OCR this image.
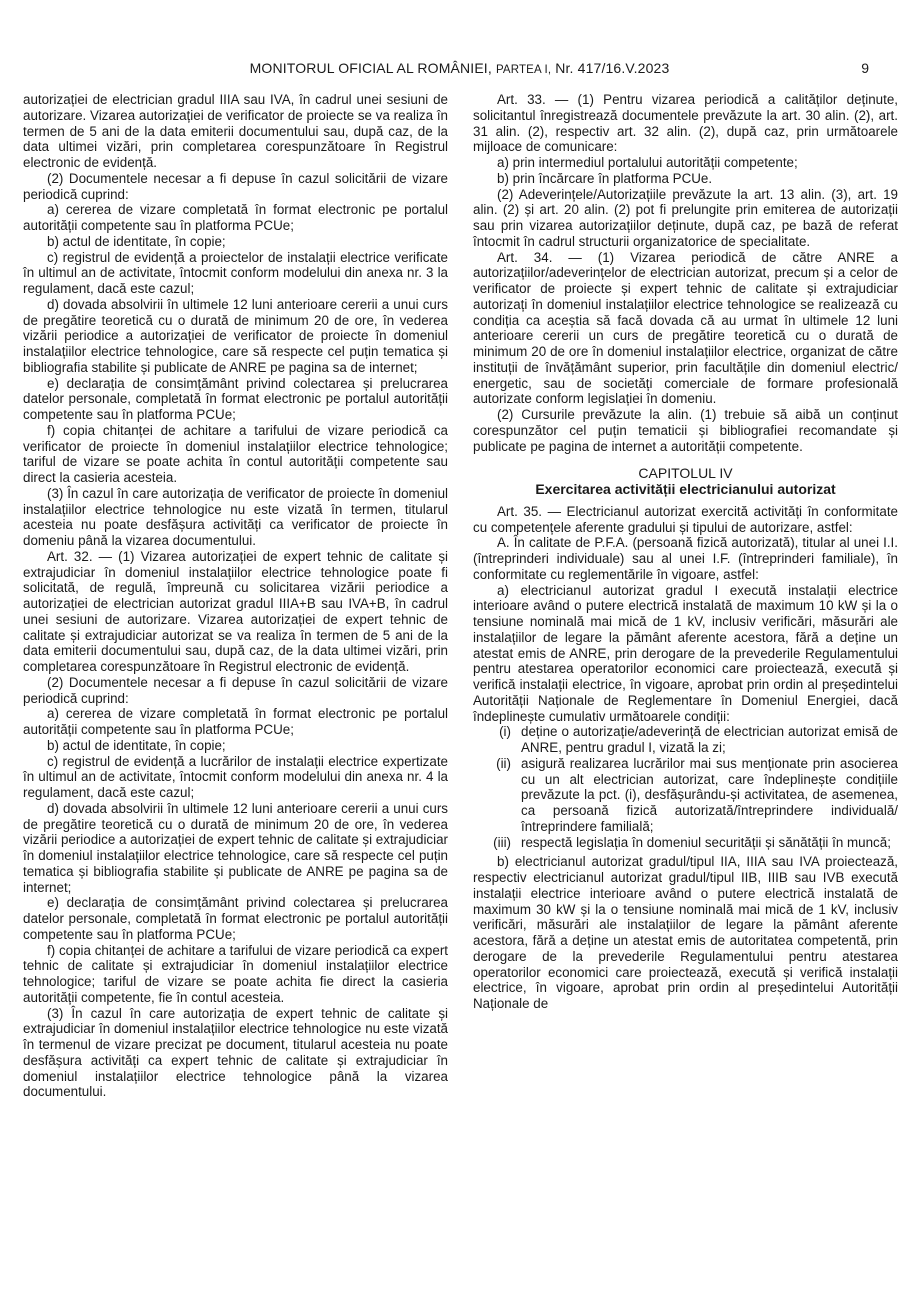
MONITORUL OFICIAL AL ROMÂNIEI, PARTEA I, Nr. 417/16.V.2023	9

autorizației de electrician gradul IIIA sau IVA, în cadrul unei sesiuni de autorizare. Vizarea autorizației de verificator de proiecte se va realiza în termen de 5 ani de la data emiterii documentului sau, după caz, de la data ultimei vizări, prin completarea corespunzătoare în Registrul electronic de evidență.

(2) Documentele necesar a fi depuse în cazul solicitării de vizare periodică cuprind:

a) cererea de vizare completată în format electronic pe portalul autorității competente sau în platforma PCUe;

b) actul de identitate, în copie;

c) registrul de evidență a proiectelor de instalații electrice verificate în ultimul an de activitate, întocmit conform modelului din anexa nr. 3 la regulament, dacă este cazul;

d) dovada absolvirii în ultimele 12 luni anterioare cererii a unui curs de pregătire teoretică cu o durată de minimum 20 de ore, în vederea vizării periodice a autorizației de verificator de proiecte în domeniul instalațiilor electrice tehnologice, care să respecte cel puțin tematica și bibliografia stabilite și publicate de ANRE pe pagina sa de internet;

e) declarația de consimțământ privind colectarea și prelucrarea datelor personale, completată în format electronic pe portalul autorității competente sau în platforma PCUe;

f) copia chitanței de achitare a tarifului de vizare periodică ca verificator de proiecte în domeniul instalațiilor electrice tehnologice; tariful de vizare se poate achita în contul autorității competente sau direct la casieria acesteia.

(3) În cazul în care autorizația de verificator de proiecte în domeniul instalațiilor electrice tehnologice nu este vizată în termen, titularul acesteia nu poate desfășura activități ca verificator de proiecte în domeniu până la vizarea documentului.

Art. 32. — (1) Vizarea autorizației de expert tehnic de calitate și extrajudiciar în domeniul instalațiilor electrice tehnologice poate fi solicitată, de regulă, împreună cu solicitarea vizării periodice a autorizației de electrician autorizat gradul IIIA+B sau IVA+B, în cadrul unei sesiuni de autorizare. Vizarea autorizației de expert tehnic de calitate și extrajudiciar autorizat se va realiza în termen de 5 ani de la data emiterii documentului sau, după caz, de la data ultimei vizări, prin completarea corespunzătoare în Registrul electronic de evidență.

(2) Documentele necesar a fi depuse în cazul solicitării de vizare periodică cuprind:

a) cererea de vizare completată în format electronic pe portalul autorității competente sau în platforma PCUe;

b) actul de identitate, în copie;

c) registrul de evidență a lucrărilor de instalații electrice expertizate în ultimul an de activitate, întocmit conform modelului din anexa nr. 4 la regulament, dacă este cazul;

d) dovada absolvirii în ultimele 12 luni anterioare cererii a unui curs de pregătire teoretică cu o durată de minimum 20 de ore, în vederea vizării periodice a autorizației de expert tehnic de calitate și extrajudiciar în domeniul instalațiilor electrice tehnologice, care să respecte cel puțin tematica și bibliografia stabilite și publicate de ANRE pe pagina sa de internet;

e) declarația de consimțământ privind colectarea și prelucrarea datelor personale, completată în format electronic pe portalul autorității competente sau în platforma PCUe;

f) copia chitanței de achitare a tarifului de vizare periodică ca expert tehnic de calitate și extrajudiciar în domeniul instalațiilor electrice tehnologice; tariful de vizare se poate achita fie direct la casieria autorității competente, fie în contul acesteia.

(3) În cazul în care autorizația de expert tehnic de calitate și extrajudiciar în domeniul instalațiilor electrice tehnologice nu este vizată în termenul de vizare precizat pe document, titularul acesteia nu poate desfășura activități ca expert tehnic de calitate și extrajudiciar în domeniul instalațiilor electrice tehnologice până la vizarea documentului.

Art. 33. — (1) Pentru vizarea periodică a calităților deținute, solicitantul înregistrează documentele prevăzute la art. 30 alin. (2), art. 31 alin. (2), respectiv art. 32 alin. (2), după caz, prin următoarele mijloace de comunicare:

a) prin intermediul portalului autorității competente;

b) prin încărcare în platforma PCUe.

(2) Adeverințele/Autorizațiile prevăzute la art. 13 alin. (3), art. 19 alin. (2) și art. 20 alin. (2) pot fi prelungite prin emiterea de autorizații sau prin vizarea autorizațiilor deținute, după caz, pe bază de referat întocmit în cadrul structurii organizatorice de specialitate.

Art. 34. — (1) Vizarea periodică de către ANRE a autorizațiilor/adeverințelor de electrician autorizat, precum și a celor de verificator de proiecte și expert tehnic de calitate și extrajudiciar autorizați în domeniul instalațiilor electrice tehnologice se realizează cu condiția ca aceștia să facă dovada că au urmat în ultimele 12 luni anterioare cererii un curs de pregătire teoretică cu o durată de minimum 20 de ore în domeniul instalațiilor electrice, organizat de către instituții de învățământ superior, prin facultățile din domeniul electric/ energetic, sau de societăți comerciale de formare profesională autorizate conform legislației în domeniu.

(2) Cursurile prevăzute la alin. (1) trebuie să aibă un conținut corespunzător cel puțin tematicii și bibliografiei recomandate și publicate pe pagina de internet a autorității competente.

CAPITOLUL IV

Exercitarea activității electricianului autorizat

Art. 35. — Electricianul autorizat exercită activități în conformitate cu competențele aferente gradului și tipului de autorizare, astfel:

A. În calitate de P.F.A. (persoană fizică autorizată), titular al unei I.I. (întreprinderi individuale) sau al unei I.F. (întreprinderi familiale), în conformitate cu reglementările în vigoare, astfel:

a) electricianul autorizat gradul I execută instalații electrice interioare având o putere electrică instalată de maximum 10 kW și la o tensiune nominală mai mică de 1 kV, inclusiv verificări, măsurări ale instalațiilor de legare la pământ aferente acestora, fără a deține un atestat emis de ANRE, prin derogare de la prevederile Regulamentului pentru atestarea operatorilor economici care proiectează, execută și verifică instalații electrice, în vigoare, aprobat prin ordin al președintelui Autorității Naționale de Reglementare în Domeniul Energiei, dacă îndeplinește cumulativ următoarele condiții:

(i) deține o autorizație/adeverință de electrician autorizat emisă de ANRE, pentru gradul I, vizată la zi;
(ii) asigură realizarea lucrărilor mai sus menționate prin asocierea cu un alt electrician autorizat, care îndeplinește condițiile prevăzute la pct. (i), desfășurându-și activitatea, de asemenea, ca persoană fizică autorizată/întreprindere individuală/ întreprindere familială;
(iii) respectă legislația în domeniul securității și sănătății în muncă;

b) electricianul autorizat gradul/tipul IIA, IIIA sau IVA proiectează, respectiv electricianul autorizat gradul/tipul IIB, IIIB sau IVB execută instalații electrice interioare având o putere electrică instalată de maximum 30 kW și la o tensiune nominală mai mică de 1 kV, inclusiv verificări, măsurări ale instalațiilor de legare la pământ aferente acestora, fără a deține un atestat emis de autoritatea competentă, prin derogare de la prevederile Regulamentului pentru atestarea operatorilor economici care proiectează, execută și verifică instalații electrice, în vigoare, aprobat prin ordin al președintelui Autorității Naționale de
